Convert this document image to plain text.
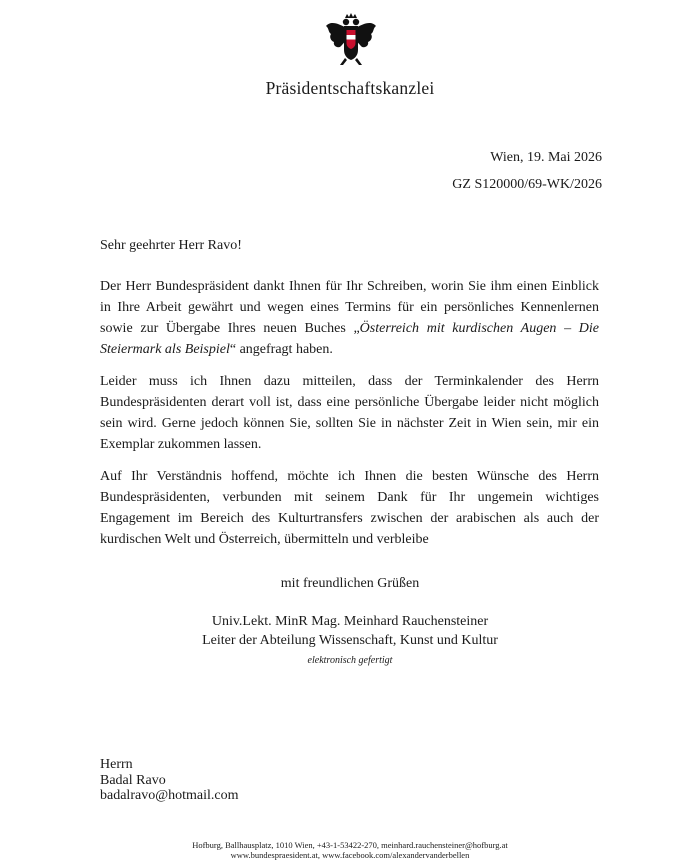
Präsidentschaftskanzlei
Wien, 19. Mai 2026
GZ S120000/69-WK/2026
Sehr geehrter Herr Ravo!

Der Herr Bundespräsident dankt Ihnen für Ihr Schreiben, worin Sie ihm einen Einblick in Ihre Arbeit gewährt und wegen eines Termins für ein persönliches Kennenlernen sowie zur Übergabe Ihres neuen Buches „Österreich mit kurdischen Augen – Die Steiermark als Beispiel“ angefragt haben.

Leider muss ich Ihnen dazu mitteilen, dass der Terminkalender des Herrn Bundespräsidenten derart voll ist, dass eine persönliche Übergabe leider nicht möglich sein wird. Gerne jedoch können Sie, sollten Sie in nächster Zeit in Wien sein, mir ein Exemplar zukommen lassen.

Auf Ihr Verständnis hoffend, möchte ich Ihnen die besten Wünsche des Herrn Bundespräsidenten, verbunden mit seinem Dank für Ihr ungemein wichtiges Engagement im Bereich des Kulturtransfers zwischen der arabischen als auch der kurdischen Welt und Österreich, übermitteln und verbleibe

mit freundlichen Grüßen
Univ.Lekt. MinR Mag. Meinhard Rauchensteiner
Leiter der Abteilung Wissenschaft, Kunst und Kultur
elektronisch gefertigt
Herrn
Badal Ravo
badalravo@hotmail.com
Hofburg, Ballhausplatz, 1010 Wien, +43-1-53422-270, meinhard.rauchensteiner@hofburg.at
www.bundespraesident.at, www.facebook.com/alexandervanderbellen
